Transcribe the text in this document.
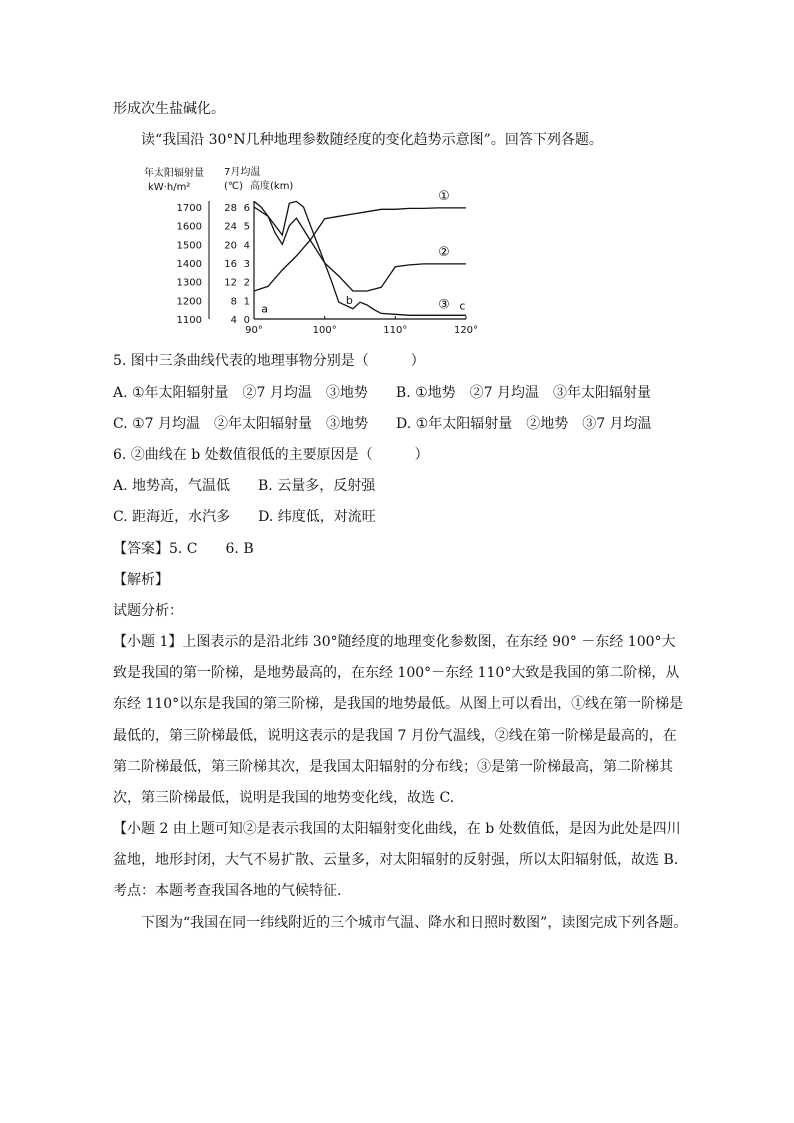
形成次生盐碱化。
读“我国沿 30°N几种地理参数随经度的变化趋势示意图”。回答下列各题。
年太阳辐射量
kW·h/m²
7月均温
(℃) 高度(km)
1700 28 6
1600 24 5
1500 20 4
1400 16 3
1300 12 2
1200	8 1
1100	4 0
90°	100°	110°	120°
①
②
③
a
b	c
5. 图中三条曲线代表的地理事物分别是（　　　）
A. ①年太阳辐射量　②7 月均温　③地势　　B. ①地势　②7 月均温　③年太阳辐射量
C. ①7 月均温　②年太阳辐射量　③地势　　D. ①年太阳辐射量　②地势　③7 月均温
6. ②曲线在 b 处数值很低的主要原因是（　　　）
A. 地势高，气温低　　B. 云量多，反射强
C. 距海近，水汽多　　D. 纬度低，对流旺
【答案】5. C　　6. B
【解析】
试题分析：
【小题 1】上图表示的是沿北纬 30°随经度的地理变化参数图，在东经 90° －东经 100°大
致是我国的第一阶梯，是地势最高的，在东经 100°－东经 110°大致是我国的第二阶梯，从
东经 110°以东是我国的第三阶梯，是我国的地势最低。从图上可以看出，①线在第一阶梯是
最低的，第三阶梯最低，说明这表示的是我国 7 月份气温线，②线在第一阶梯是最高的，在
第二阶梯最低，第三阶梯其次，是我国太阳辐射的分布线；③是第一阶梯最高，第二阶梯其
次，第三阶梯最低，说明是我国的地势变化线，故选 C.
【小题 2 由上题可知②是表示我国的太阳辐射变化曲线，在 b 处数值低，是因为此处是四川
盆地，地形封闭，大气不易扩散、云量多，对太阳辐射的反射强，所以太阳辐射低，故选 B.
考点：本题考查我国各地的气候特征.
下图为“我国在同一纬线附近的三个城市气温、降水和日照时数图”，读图完成下列各题。
